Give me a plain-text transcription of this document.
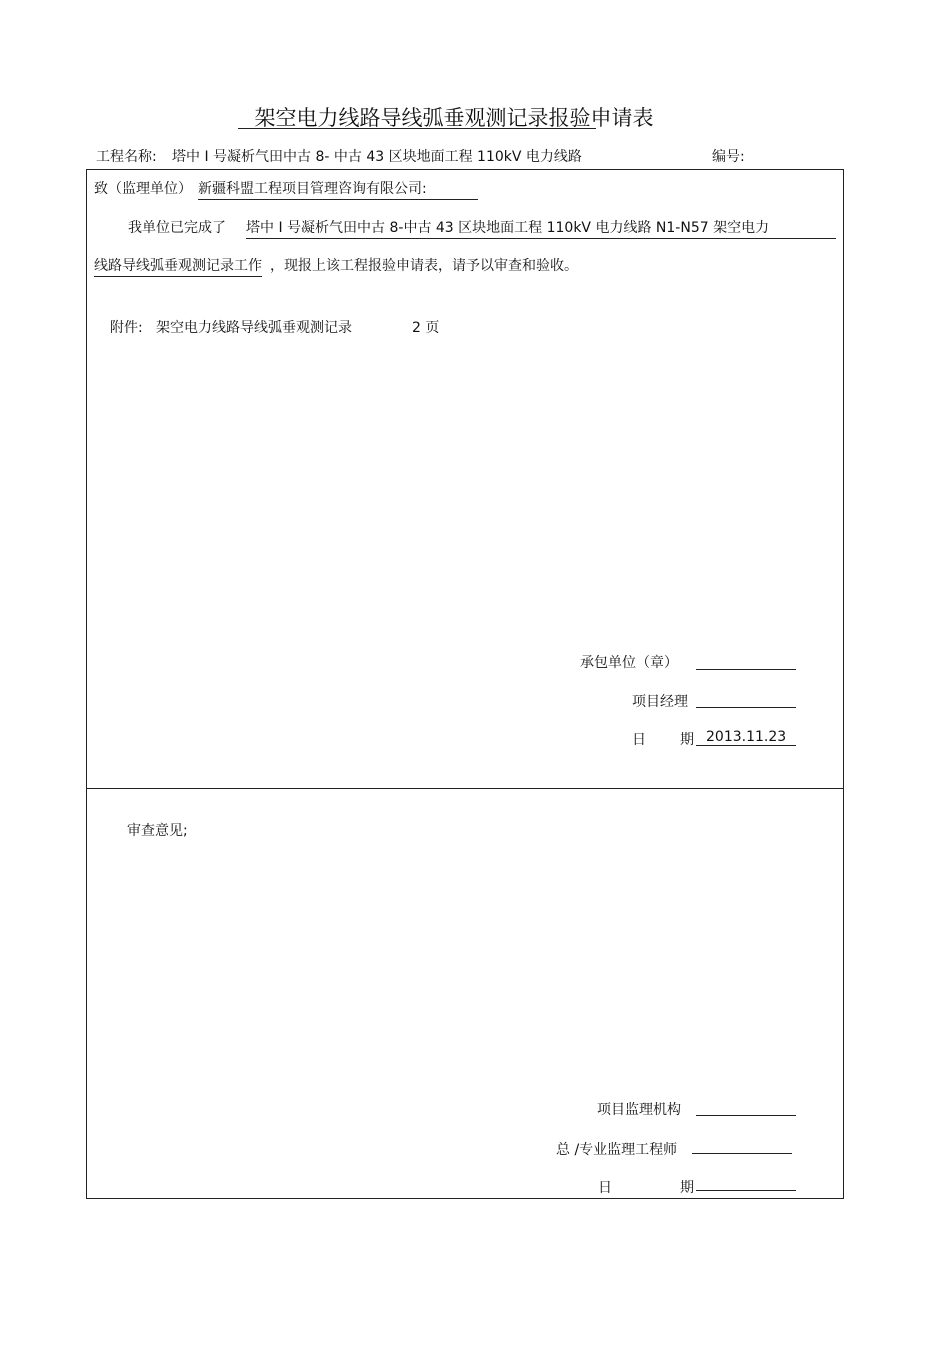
架空电力线路导线弧垂观测记录报验申请表
工程名称: 塔中 Ⅰ 号凝析气田中古 8- 中古 43 区块地面工程 110kV 电力线路	编号:
致（监理单位） 新疆科盟工程项目管理咨询有限公司:
我单位已完成了 塔中 Ⅰ 号凝析气田中古 8-中古 43 区块地面工程 110kV 电力线路 N1-N57 架空电力
线路导线弧垂观测记录工作 ，现报上该工程报验申请表，请予以审查和验收。
附件: 架空电力线路导线弧垂观测记录	2 页
承包单位（章）
项目经理
日 期 2013.11.23
审查意见;
项目监理机构
总 /专业监理工程师
日	期
